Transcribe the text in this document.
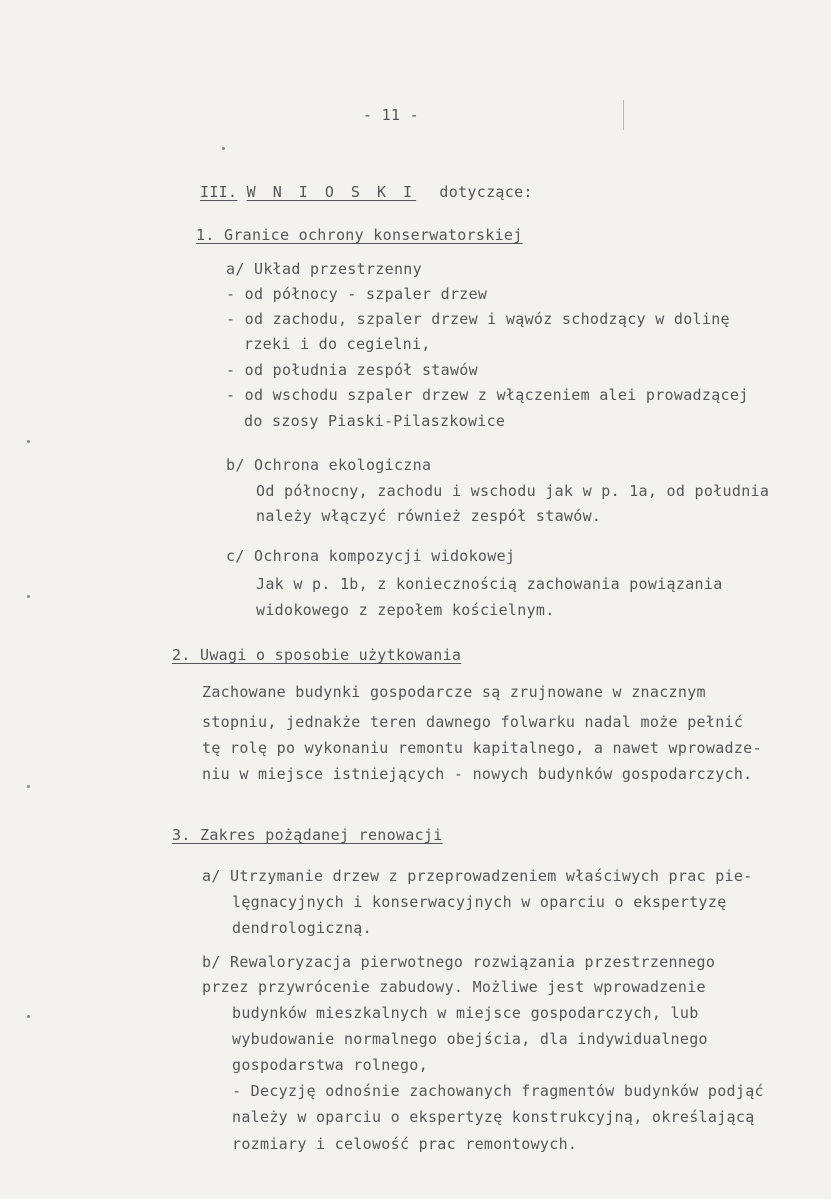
- 11 -
III. W N I O S K I dotyczące:
1. Granice ochrony konserwatorskiej
a/ Układ przestrzenny
- od północy - szpaler drzew
- od zachodu, szpaler drzew i wąwóz schodzący w dolinę
rzeki i do cegielni,
- od południa zespół stawów
- od wschodu szpaler drzew z włączeniem alei prowadzącej
do szosy Piaski-Pilaszkowice
b/ Ochrona ekologiczna
Od północny, zachodu i wschodu jak w p. 1a, od południa
należy włączyć również zespół stawów.
c/ Ochrona kompozycji widokowej
Jak w p. 1b, z koniecznością zachowania powiązania
widokowego z zepołem kościelnym.
2. Uwagi o sposobie użytkowania
Zachowane budynki gospodarcze są zrujnowane w znacznym
stopniu, jednakże teren dawnego folwarku nadal może pełnić
tę rolę po wykonaniu remontu kapitalnego, a nawet wprowadze-
niu w miejsce istniejących - nowych budynków gospodarczych.
3. Zakres pożądanej renowacji
a/ Utrzymanie drzew z przeprowadzeniem właściwych prac pie-
lęgnacyjnych i konserwacyjnych w oparciu o ekspertyzę
dendrologiczną.
b/ Rewaloryzacja pierwotnego rozwiązania przestrzennego
przez przywrócenie zabudowy. Możliwe jest wprowadzenie
budynków mieszkalnych w miejsce gospodarczych, lub
wybudowanie normalnego obejścia, dla indywidualnego
gospodarstwa rolnego,
- Decyzję odnośnie zachowanych fragmentów budynków podjąć
należy w oparciu o ekspertyzę konstrukcyjną, określającą
rozmiary i celowość prac remontowych.
